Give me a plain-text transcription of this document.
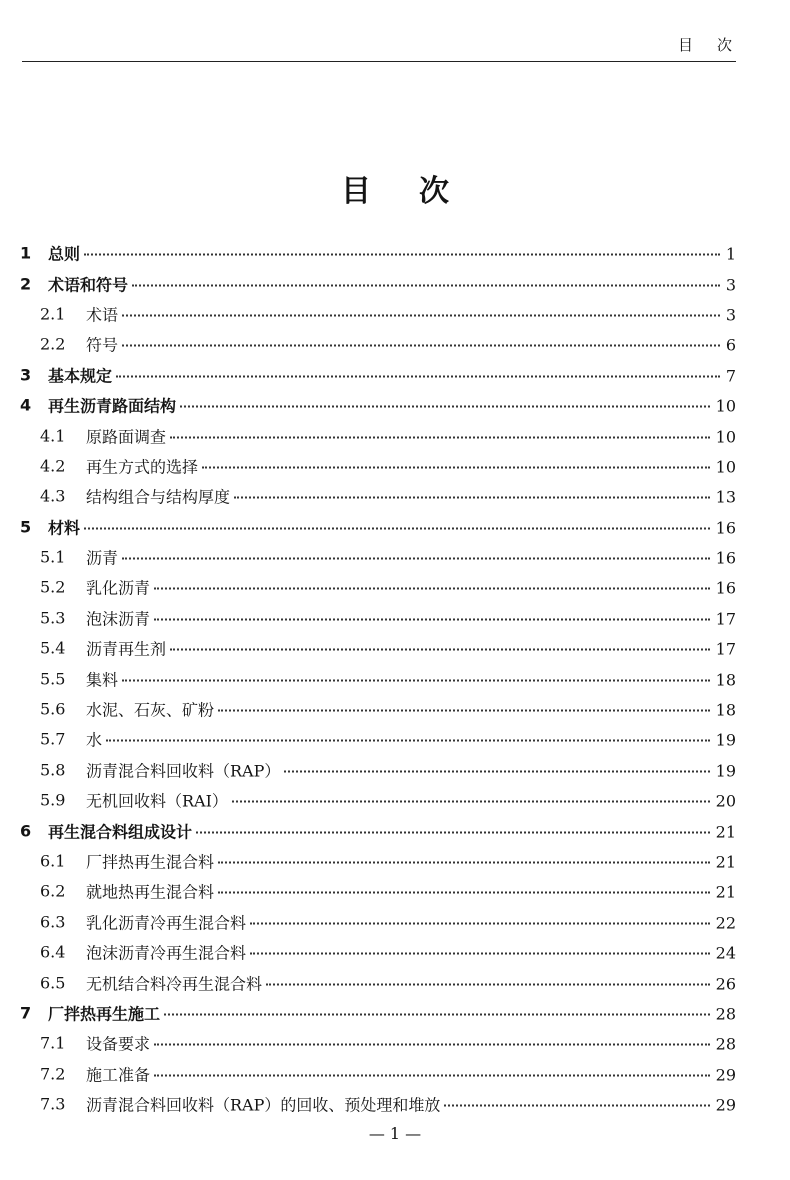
目次
目次
1 总则	1
2 术语和符号	3
2.1 术语	3
2.2 符号	6
3 基本规定	7
4 再生沥青路面结构	10
4.1 原路面调查	10
4.2 再生方式的选择	10
4.3 结构组合与结构厚度	13
5 材料	16
5.1 沥青	16
5.2 乳化沥青	16
5.3 泡沫沥青	17
5.4 沥青再生剂	17
5.5 集料	18
5.6 水泥、石灰、矿粉	18
5.7 水	19
5.8 沥青混合料回收料（RAP）	19
5.9 无机回收料（RAI）	20
6 再生混合料组成设计	21
6.1 厂拌热再生混合料	21
6.2 就地热再生混合料	21
6.3 乳化沥青冷再生混合料	22
6.4 泡沫沥青冷再生混合料	24
6.5 无机结合料冷再生混合料	26
7 厂拌热再生施工	28
7.1 设备要求	28
7.2 施工准备	29
7.3 沥青混合料回收料（RAP）的回收、预处理和堆放	29
— 1 —
